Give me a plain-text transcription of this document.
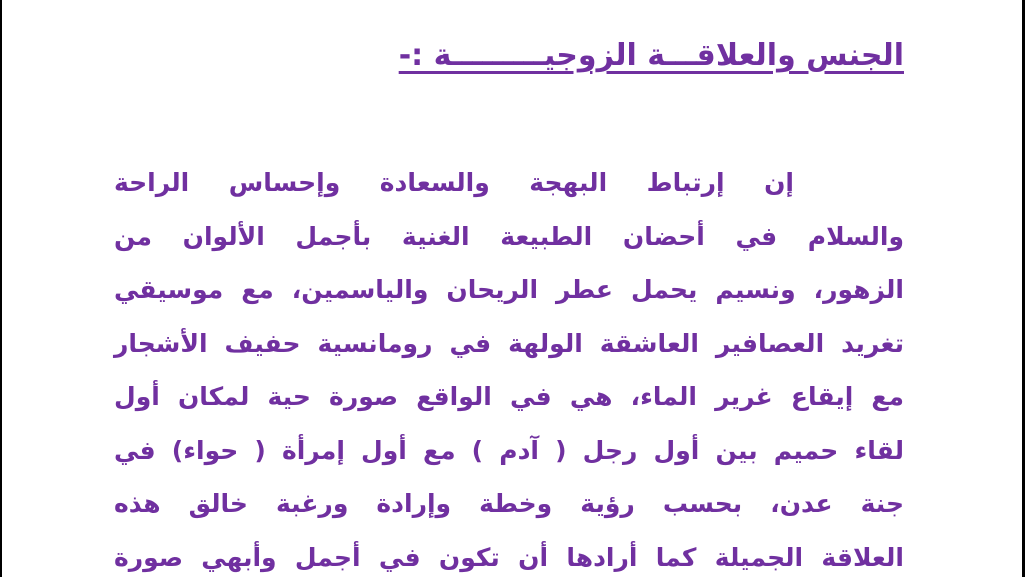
الجنس والعلاقـــة الزوجيـــــــــة :-
إن إرتباط البهجة والسعادة وإحساس الراحة
والسلام في أحضان الطبيعة الغنية بأجمل الألوان من
الزهور، ونسيم يحمل عطر الريحان والياسمين، مع موسيقي
تغريد العصافير العاشقة الولهة في رومانسية حفيف الأشجار
مع إيقاع غرير الماء، هي في الواقع صورة حية لمكان أول
لقاء حميم بين أول رجل ( آدم ) مع أول إمرأة ( حواء) في
جنة عدن، بحسب رؤية وخطة وإرادة ورغبة خالق هذه
العلاقة الجميلة كما أرادها أن تكون في أجمل وأبهي صورة
